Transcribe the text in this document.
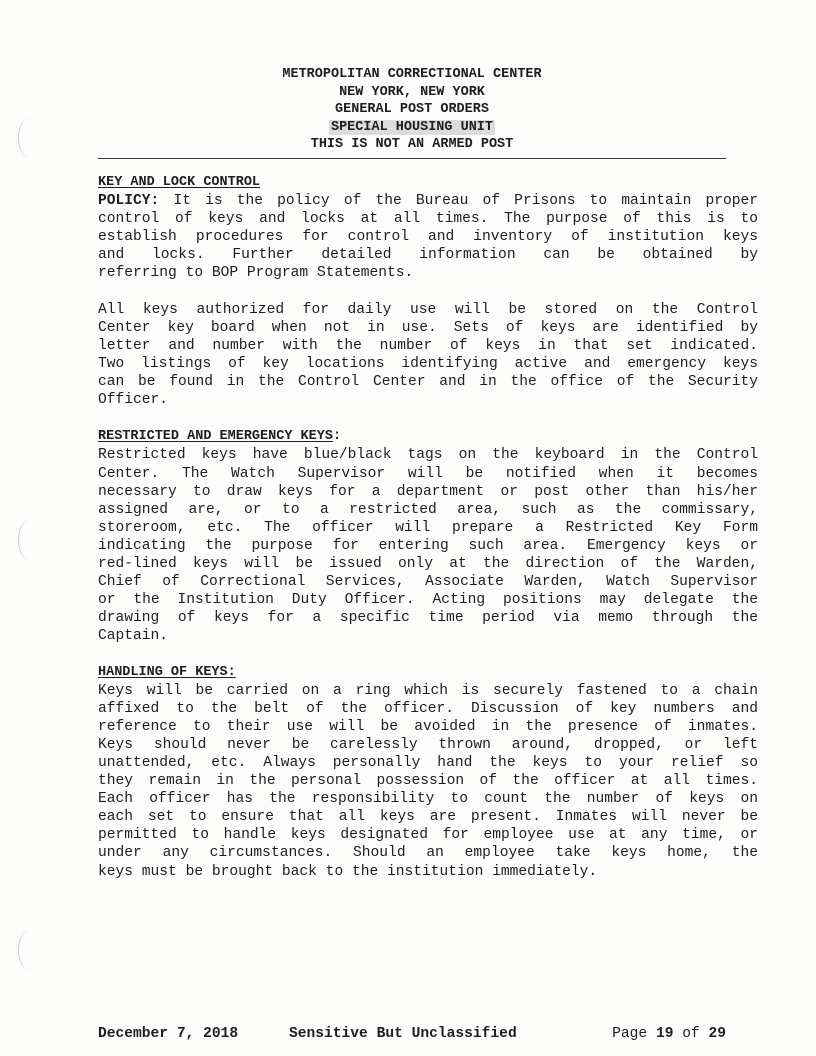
METROPOLITAN CORRECTIONAL CENTER
NEW YORK, NEW YORK
GENERAL POST ORDERS
SPECIAL HOUSING UNIT
THIS IS NOT AN ARMED POST
KEY AND LOCK CONTROL
POLICY: It is the policy of the Bureau of Prisons to maintain proper
control of keys and locks at all times. The purpose of this is to
establish procedures for control and inventory of institution keys
and locks. Further detailed information can be obtained by
referring to BOP Program Statements.
All keys authorized for daily use will be stored on the Control
Center key board when not in use. Sets of keys are identified by
letter and number with the number of keys in that set indicated.
Two listings of key locations identifying active and emergency keys
can be found in the Control Center and in the office of the Security
Officer.
RESTRICTED AND EMERGENCY KEYS:
Restricted keys have blue/black tags on the keyboard in the Control
Center. The Watch Supervisor will be notified when it becomes
necessary to draw keys for a department or post other than his/her
assigned are, or to a restricted area, such as the commissary,
storeroom, etc. The officer will prepare a Restricted Key Form
indicating the purpose for entering such area. Emergency keys or
red-lined keys will be issued only at the direction of the Warden,
Chief of Correctional Services, Associate Warden, Watch Supervisor
or the Institution Duty Officer. Acting positions may delegate the
drawing of keys for a specific time period via memo through the
Captain.
HANDLING OF KEYS:
Keys will be carried on a ring which is securely fastened to a chain
affixed to the belt of the officer. Discussion of key numbers and
reference to their use will be avoided in the presence of inmates.
Keys should never be carelessly thrown around, dropped, or left
unattended, etc. Always personally hand the keys to your relief so
they remain in the personal possession of the officer at all times.
Each officer has the responsibility to count the number of keys on
each set to ensure that all keys are present. Inmates will never be
permitted to handle keys designated for employee use at any time, or
under any circumstances. Should an employee take keys home, the
keys must be brought back to the institution immediately.
December 7, 2018	Sensitive But Unclassified	Page 19 of 29
